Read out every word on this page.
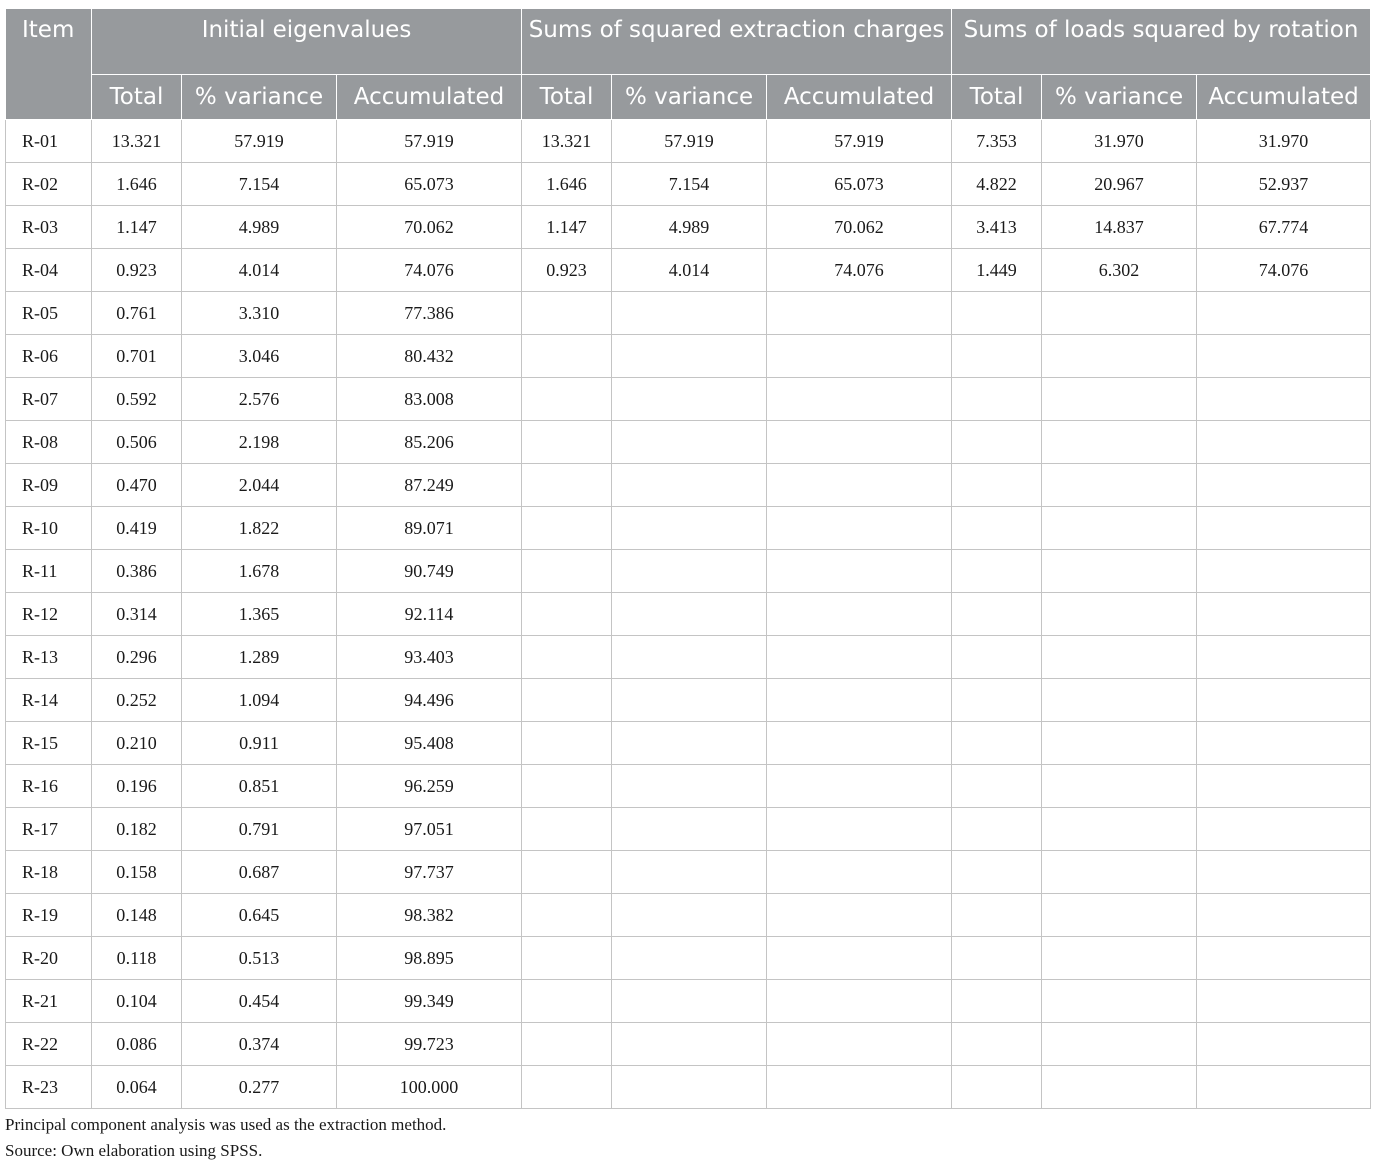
Item	Initial eigenvalues			Sums of squared extraction charges			Sums of loads squared by rotation		
	Total	% variance	Accumulated	Total	% variance	Accumulated	Total	% variance	Accumulated
R-01	13.321	57.919	57.919	13.321	57.919	57.919	7.353	31.970	31.970
R-02	1.646	7.154	65.073	1.646	7.154	65.073	4.822	20.967	52.937
R-03	1.147	4.989	70.062	1.147	4.989	70.062	3.413	14.837	67.774
R-04	0.923	4.014	74.076	0.923	4.014	74.076	1.449	6.302	74.076
R-05	0.761	3.310	77.386						
R-06	0.701	3.046	80.432						
R-07	0.592	2.576	83.008						
R-08	0.506	2.198	85.206						
R-09	0.470	2.044	87.249						
R-10	0.419	1.822	89.071						
R-11	0.386	1.678	90.749						
R-12	0.314	1.365	92.114						
R-13	0.296	1.289	93.403						
R-14	0.252	1.094	94.496						
R-15	0.210	0.911	95.408						
R-16	0.196	0.851	96.259						
R-17	0.182	0.791	97.051						
R-18	0.158	0.687	97.737						
R-19	0.148	0.645	98.382						
R-20	0.118	0.513	98.895						
R-21	0.104	0.454	99.349						
R-22	0.086	0.374	99.723						
R-23	0.064	0.277	100.000						
Principal component analysis was used as the extraction method.
Source: Own elaboration using SPSS.
